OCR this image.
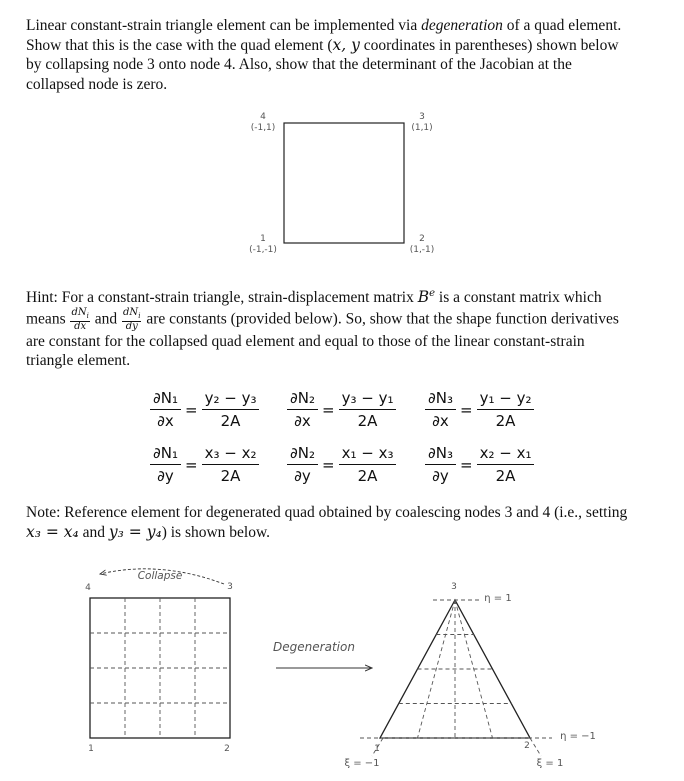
Linear constant-strain triangle element can be implemented via degeneration of a quad element.

Show that this is the case with the quad element (x, y coordinates in parentheses) shown below

by collapsing node 3 onto node 4. Also, show that the determinant of the Jacobian at the

collapsed node is zero.

4
(-1,1)
3
(1,1)
1
(-1,-1)
2
(1,-1)

Hint: For a constant-strain triangle, strain-displacement matrix $B^e$ is a constant matrix which

means $\frac{dN_i}{dx}$ and $\frac{dN_i}{dy}$ are constants (provided below). So, show that the shape function derivatives

are constant for the collapsed quad element and equal to those of the linear constant-strain

triangle element.

$\frac{\text{∂N₁}}{\partial x} = \frac{\text{y₂ − y₃}}{2A} \frac{\text{∂N₂}}{\partial x} = \frac{\text{y₃ − y₁}}{2A} \frac{\text{∂N₃}}{\partial x} = \frac{\text{y₁ − y₂}}{2A}$
$\frac{\text{∂N₁}}{\partial y} = \frac{\text{x₃ − x₂}}{2A} \frac{\text{∂N₂}}{\partial y} = \frac{\text{x₁ − x₃}}{2A} \frac{\text{∂N₃}}{\partial y} = \frac{\text{x₂ − x₁}}{2A}$

Note: Reference element for degenerated quad obtained by coalescing nodes 3 and 4 (i.e., setting

x₃ = x₄ and y₃ = y₄) is shown below.

Collapse
4	3
1	2
Degeneration
3
1	2
η = 1
η = −1
ξ = −1	ξ = 1
